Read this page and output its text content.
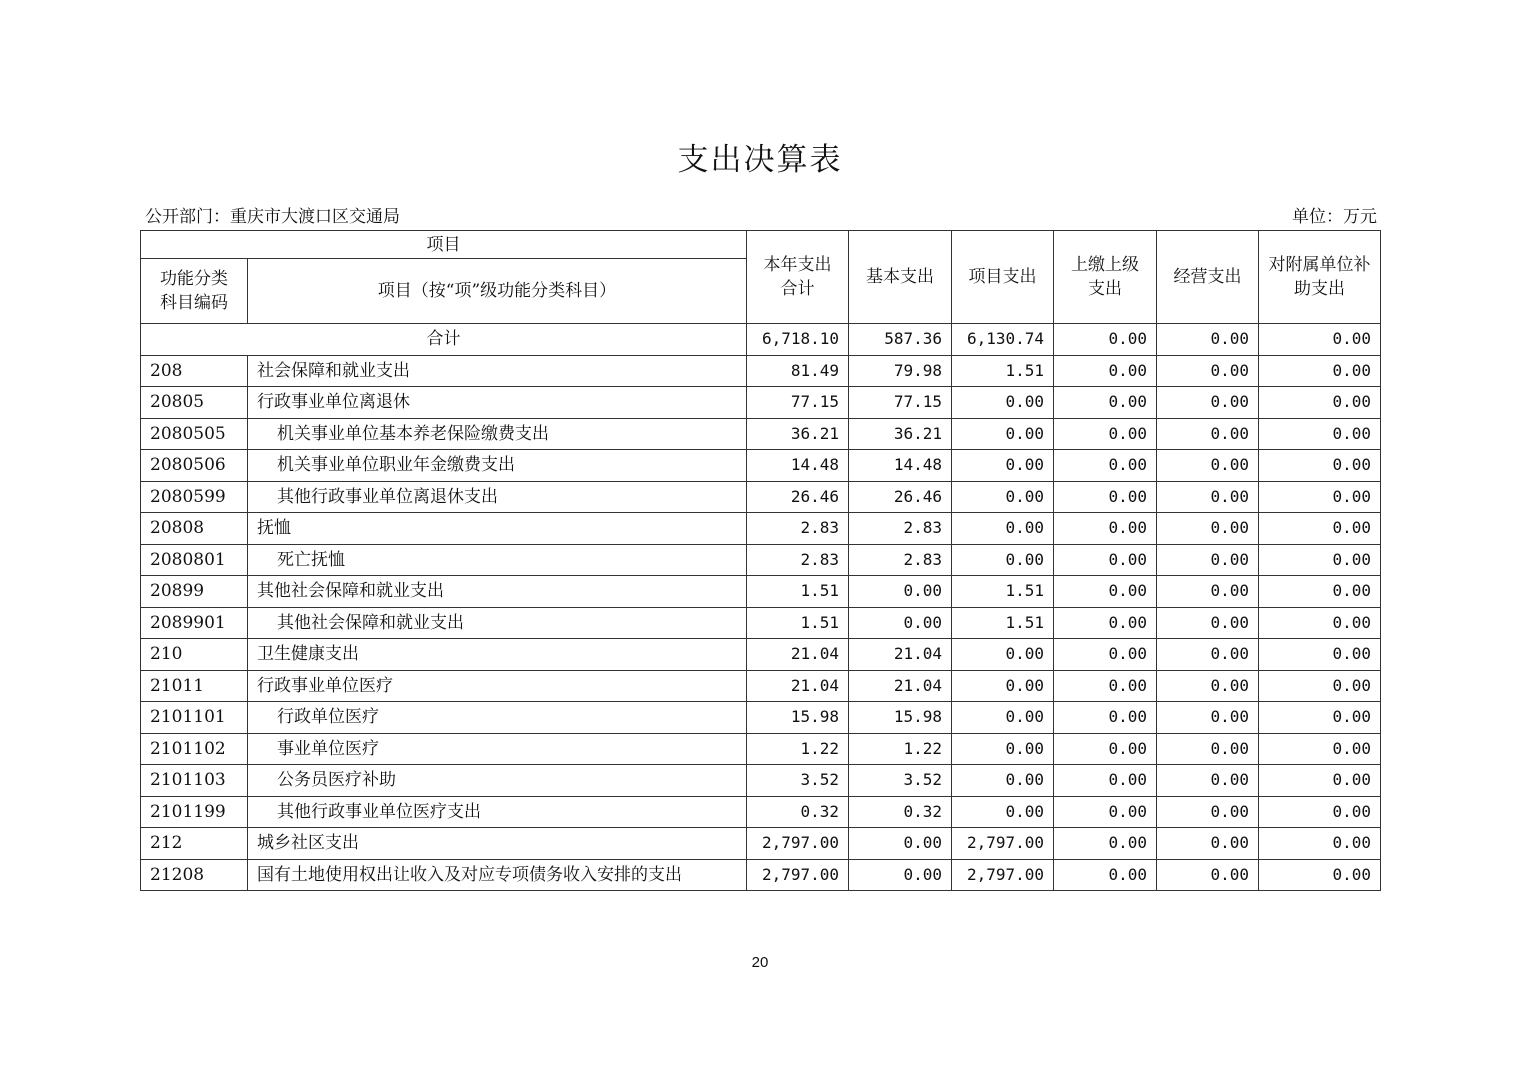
支出决算表
公开部门：重庆市大渡口区交通局	单位：万元
项目		本年支出合计	基本支出	项目支出	上缴上级支出	经营支出	对附属单位补助支出
功能分类科目编码	项目（按“项”级功能分类科目）						
合计		6,718.10	587.36	6,130.74	0.00	0.00	0.00
208	社会保障和就业支出	81.49	79.98	1.51	0.00	0.00	0.00
20805	行政事业单位离退休	77.15	77.15	0.00	0.00	0.00	0.00
2080505	机关事业单位基本养老保险缴费支出	36.21	36.21	0.00	0.00	0.00	0.00
2080506	机关事业单位职业年金缴费支出	14.48	14.48	0.00	0.00	0.00	0.00
2080599	其他行政事业单位离退休支出	26.46	26.46	0.00	0.00	0.00	0.00
20808	抚恤	2.83	2.83	0.00	0.00	0.00	0.00
2080801	死亡抚恤	2.83	2.83	0.00	0.00	0.00	0.00
20899	其他社会保障和就业支出	1.51	0.00	1.51	0.00	0.00	0.00
2089901	其他社会保障和就业支出	1.51	0.00	1.51	0.00	0.00	0.00
210	卫生健康支出	21.04	21.04	0.00	0.00	0.00	0.00
21011	行政事业单位医疗	21.04	21.04	0.00	0.00	0.00	0.00
2101101	行政单位医疗	15.98	15.98	0.00	0.00	0.00	0.00
2101102	事业单位医疗	1.22	1.22	0.00	0.00	0.00	0.00
2101103	公务员医疗补助	3.52	3.52	0.00	0.00	0.00	0.00
2101199	其他行政事业单位医疗支出	0.32	0.32	0.00	0.00	0.00	0.00
212	城乡社区支出	2,797.00	0.00	2,797.00	0.00	0.00	0.00
21208	国有土地使用权出让收入及对应专项债务收入安排的支出	2,797.00	0.00	2,797.00	0.00	0.00	0.00
20
